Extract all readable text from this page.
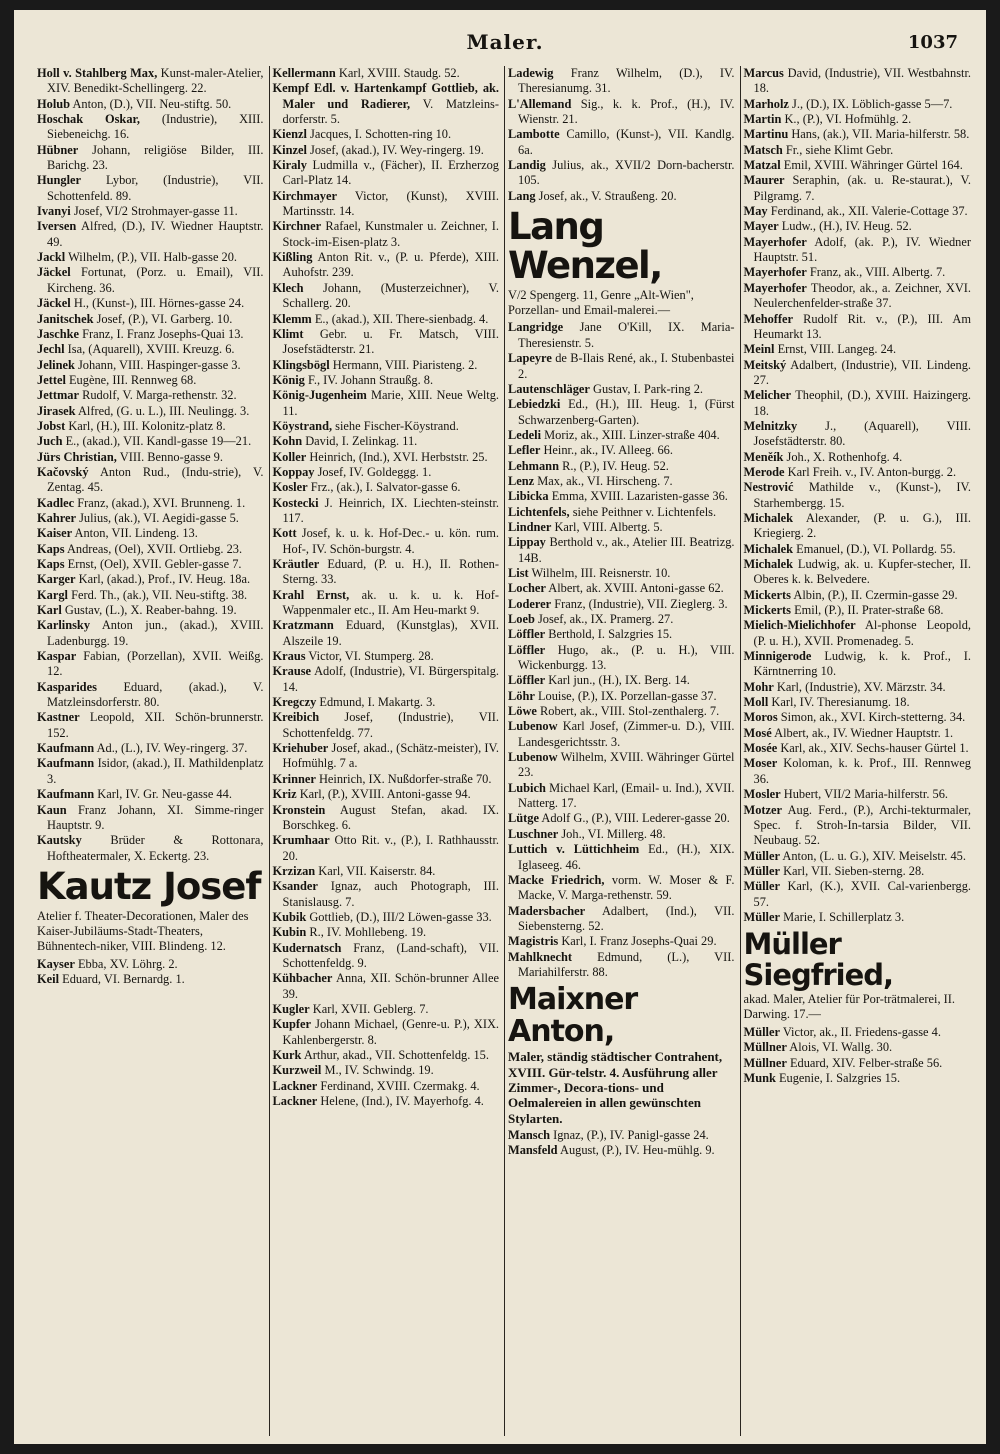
Maler.	1037

Holl v. Stahlberg Max, Kunst-maler-Atelier, XIV. Benedikt-Schellingerg. 22.

Holub Anton, (D.), VII. Neu-stiftg. 50.

Hoschak Oskar, (Industrie), XIII. Siebeneichg. 16.

Hübner Johann, religiöse Bilder, III. Barichg. 23.

Hungler Lybor, (Industrie), VII. Schottenfeld. 89.

Ivanyi Josef, VI/2 Strohmayer-gasse 11.

Iversen Alfred, (D.), IV. Wiedner Hauptstr. 49.

Jackl Wilhelm, (P.), VII. Halb-gasse 20.

Jäckel Fortunat, (Porz. u. Email), VII. Kircheng. 36.

Jäckel H., (Kunst-), III. Hörnes-gasse 24.

Janitschek Josef, (P.), VI. Garberg. 10.

Jaschke Franz, I. Franz Josephs-Quai 13.

Jechl Isa, (Aquarell), XVIII. Kreuzg. 6.

Jelinek Johann, VIII. Haspinger-gasse 3.

Jettel Eugène, III. Rennweg 68.

Jettmar Rudolf, V. Marga-rethenstr. 32.

Jirasek Alfred, (G. u. L.), III. Neulingg. 3.

Jobst Karl, (H.), III. Kolonitz-platz 8.

Juch E., (akad.), VII. Kandl-gasse 19—21.

Jürs Christian, VIII. Benno-gasse 9.

Kačovský Anton Rud., (Indu-strie), V. Zentag. 45.

Kadlec Franz, (akad.), XVI. Brunneng. 1.

Kahrer Julius, (ak.), VI. Aegidi-gasse 5.

Kaiser Anton, VII. Lindeng. 13.

Kaps Andreas, (Oel), XVII. Ortliebg. 23.

Kaps Ernst, (Oel), XVII. Gebler-gasse 7.

Karger Karl, (akad.), Prof., IV. Heug. 18a.

Kargl Ferd. Th., (ak.), VII. Neu-stiftg. 38.

Karl Gustav, (L.), X. Reaber-bahng. 19.

Karlinsky Anton jun., (akad.), XVIII. Ladenburgg. 19.

Kaspar Fabian, (Porzellan), XVII. Weißg. 12.

Kasparides Eduard, (akad.), V. Matzleinsdorferstr. 80.

Kastner Leopold, XII. Schön-brunnerstr. 152.

Kaufmann Ad., (L.), IV. Wey-ringerg. 37.

Kaufmann Isidor, (akad.), II. Mathildenplatz 3.

Kaufmann Karl, IV. Gr. Neu-gasse 44.

Kaun Franz Johann, XI. Simme-ringer Hauptstr. 9.

Kautsky Brüder & Rottonara, Hoftheatermaler, X. Eckertg. 23.

Kautz Josef

Atelier f. Theater-Decorationen, Maler des Kaiser-Jubiläums-Stadt-Theaters, Bühnentech-niker, VIII. Blindeng. 12.

Kayser Ebba, XV. Löhrg. 2.

Keil Eduard, VI. Bernardg. 1.

Kellermann Karl, XVIII. Staudg. 52.

Kempf Edl. v. Hartenkampf Gottlieb, ak. Maler und Radierer, V. Matzleins-dorferstr. 5.

Kienzl Jacques, I. Schotten-ring 10.

Kinzel Josef, (akad.), IV. Wey-ringerg. 19.

Kiraly Ludmilla v., (Fächer), II. Erzherzog Carl-Platz 14.

Kirchmayer Victor, (Kunst), XVIII. Martinsstr. 14.

Kirchner Rafael, Kunstmaler u. Zeichner, I. Stock-im-Eisen-platz 3.

Kißling Anton Rit. v., (P. u. Pferde), XIII. Auhofstr. 239.

Klech Johann, (Musterzeichner), V. Schallerg. 20.

Klemm E., (akad.), XII. There-sienbadg. 4.

Klimt Gebr. u. Fr. Matsch, VIII. Josefstädterstr. 21.

Klingsbögl Hermann, VIII. Piaristeng. 2.

König F., IV. Johann Straußg. 8.

König-Jugenheim Marie, XIII. Neue Weltg. 11.

Köystrand, siehe Fischer-Köystrand.

Kohn David, I. Zelinkag. 11.

Koller Heinrich, (Ind.), XVI. Herbststr. 25.

Koppay Josef, IV. Goldeggg. 1.

Kosler Frz., (ak.), I. Salvator-gasse 6.

Kostecki J. Heinrich, IX. Liechten-steinstr. 117.

Kott Josef, k. u. k. Hof-Dec.- u. kön. rum. Hof-, IV. Schön-burgstr. 4.

Kräutler Eduard, (P. u. H.), II. Rothen-Sterng. 33.

Krahl Ernst, ak. u. k. u. k. Hof-Wappenmaler etc., II. Am Heu-markt 9.

Kratzmann Eduard, (Kunstglas), XVII. Alszeile 19.

Kraus Victor, VI. Stumperg. 28.

Krause Adolf, (Industrie), VI. Bürgerspitalg. 14.

Kregczy Edmund, I. Makartg. 3.

Kreibich Josef, (Industrie), VII. Schottenfeldg. 77.

Kriehuber Josef, akad., (Schätz-meister), IV. Hofmühlg. 7 a.

Krinner Heinrich, IX. Nußdorfer-straße 70.

Kriz Karl, (P.), XVIII. Antoni-gasse 94.

Kronstein August Stefan, akad. IX. Borschkeg. 6.

Krumhaar Otto Rit. v., (P.), I. Rathhausstr. 20.

Krzizan Karl, VII. Kaiserstr. 84.

Ksander Ignaz, auch Photograph, III. Stanislausg. 7.

Kubik Gottlieb, (D.), III/2 Löwen-gasse 33.

Kubin R., IV. Mohllebeng. 19.

Kudernatsch Franz, (Land-schaft), VII. Schottenfeldg. 9.

Kühbacher Anna, XII. Schön-brunner Allee 39.

Kugler Karl, XVII. Geblerg. 7.

Kupfer Johann Michael, (Genre-u. P.), XIX. Kahlenbergerstr. 8.

Kurk Arthur, akad., VII. Schottenfeldg. 15.

Kurzweil M., IV. Schwindg. 19.

Lackner Ferdinand, XVIII. Czermakg. 4.

Lackner Helene, (Ind.), IV. Mayerhofg. 4.

Ladewig Franz Wilhelm, (D.), IV. Theresianumg. 31.

L'Allemand Sig., k. k. Prof., (H.), IV. Wienstr. 21.

Lambotte Camillo, (Kunst-), VII. Kandlg. 6a.

Landig Julius, ak., XVII/2 Dorn-bacherstr. 105.

Lang Josef, ak., V. Straußeng. 20.

Lang Wenzel,

V/2 Spengerg. 11, Genre „Alt-Wien", Porzellan- und Email-malerei.—

Langridge Jane O'Kill, IX. Maria-Theresienstr. 5.

Lapeyre de B-Ilais René, ak., I. Stubenbastei 2.

Lautenschläger Gustav, I. Park-ring 2.

Lebiedzki Ed., (H.), III. Heug. 1, (Fürst Schwarzenberg-Garten).

Ledeli Moriz, ak., XIII. Linzer-straße 404.

Lefler Heinr., ak., IV. Alleeg. 66.

Lehmann R., (P.), IV. Heug. 52.

Lenz Max, ak., VI. Hirscheng. 7.

Libicka Emma, XVIII. Lazaristen-gasse 36.

Lichtenfels, siehe Peithner v. Lichtenfels.

Lindner Karl, VIII. Albertg. 5.

Lippay Berthold v., ak., Atelier III. Beatrizg. 14B.

List Wilhelm, III. Reisnerstr. 10.

Locher Albert, ak. XVIII. Antoni-gasse 62.

Loderer Franz, (Industrie), VII. Zieglerg. 3.

Loeb Josef, ak., IX. Pramerg. 27.

Löffler Berthold, I. Salzgries 15.

Löffler Hugo, ak., (P. u. H.), VIII. Wickenburgg. 13.

Löffler Karl jun., (H.), IX. Berg. 14.

Löhr Louise, (P.), IX. Porzellan-gasse 37.

Löwe Robert, ak., VIII. Stol-zenthalerg. 7.

Lubenow Karl Josef, (Zimmer-u. D.), VIII. Landesgerichtsstr. 3.

Lubenow Wilhelm, XVIII. Währinger Gürtel 23.

Lubich Michael Karl, (Email- u. Ind.), XVII. Natterg. 17.

Lütge Adolf G., (P.), VIII. Lederer-gasse 20.

Luschner Joh., VI. Millerg. 48.

Luttich v. Lüttichheim Ed., (H.), XIX. Iglaseeg. 46.

Macke Friedrich, vorm. W. Moser & F. Macke, V. Marga-rethenstr. 59.

Madersbacher Adalbert, (Ind.), VII. Siebensterng. 52.

Magistris Karl, I. Franz Josephs-Quai 29.

Mahlknecht Edmund, (L.), VII. Mariahilferstr. 88.

Maixner Anton,

Maler, ständig städtischer Contrahent, XVIII. Gür-telstr. 4. Ausführung aller Zimmer-, Decora-tions- und Oelmalereien in allen gewünschten Stylarten.

Mansch Ignaz, (P.), IV. Panigl-gasse 24.

Mansfeld August, (P.), IV. Heu-mühlg. 9.

Marcus David, (Industrie), VII. Westbahnstr. 18.

Marholz J., (D.), IX. Löblich-gasse 5—7.

Martin K., (P.), VI. Hofmühlg. 2.

Martinu Hans, (ak.), VII. Maria-hilferstr. 58.

Matsch Fr., siehe Klimt Gebr.

Matzal Emil, XVIII. Währinger Gürtel 164.

Maurer Seraphin, (ak. u. Re-staurat.), V. Pilgramg. 7.

May Ferdinand, ak., XII. Valerie-Cottage 37.

Mayer Ludw., (H.), IV. Heug. 52.

Mayerhofer Adolf, (ak. P.), IV. Wiedner Hauptstr. 51.

Mayerhofer Franz, ak., VIII. Albertg. 7.

Mayerhofer Theodor, ak., a. Zeichner, XVI. Neulerchenfelder-straße 37.

Mehoffer Rudolf Rit. v., (P.), III. Am Heumarkt 13.

Meinl Ernst, VIII. Langeg. 24.

Meitský Adalbert, (Industrie), VII. Lindeng. 27.

Melicher Theophil, (D.), XVIII. Haizingerg. 18.

Melnitzky J., (Aquarell), VIII. Josefstädterstr. 80.

Meněík Joh., X. Rothenhofg. 4.

Merode Karl Freih. v., IV. Anton-burgg. 2.

Nestrović Mathilde v., (Kunst-), IV. Starhembergg. 15.

Michalek Alexander, (P. u. G.), III. Kriegierg. 2.

Michalek Emanuel, (D.), VI. Pollardg. 55.

Michalek Ludwig, ak. u. Kupfer-stecher, II. Oberes k. k. Belvedere.

Mickerts Albin, (P.), II. Czermin-gasse 29.

Mickerts Emil, (P.), II. Prater-straße 68.

Mielich-Mielichhofer Al-phonse Leopold, (P. u. H.), XVII. Promenadeg. 5.

Minnigerode Ludwig, k. k. Prof., I. Kärntnerring 10.

Mohr Karl, (Industrie), XV. Märzstr. 34.

Moll Karl, IV. Theresianumg. 18.

Moros Simon, ak., XVI. Kirch-stetterng. 34.

Mosé Albert, ak., IV. Wiedner Hauptstr. 1.

Mosée Karl, ak., XIV. Sechs-hauser Gürtel 1.

Moser Koloman, k. k. Prof., III. Rennweg 36.

Mosler Hubert, VII/2 Maria-hilferstr. 56.

Motzer Aug. Ferd., (P.), Archi-tekturmaler, Spec. f. Stroh-In-tarsia Bilder, VII. Neubaug. 52.

Müller Anton, (L. u. G.), XIV. Meiselstr. 45.

Müller Karl, VII. Sieben-sterng. 28.

Müller Karl, (K.), XVII. Cal-varienbergg. 57.

Müller Marie, I. Schillerplatz 3.

Müller Siegfried,

akad. Maler, Atelier für Por-trätmalerei, II. Darwing. 17.—

Müller Victor, ak., II. Friedens-gasse 4.

Müllner Alois, VI. Wallg. 30.

Müllner Eduard, XIV. Felber-straße 56.

Munk Eugenie, I. Salzgries 15.
